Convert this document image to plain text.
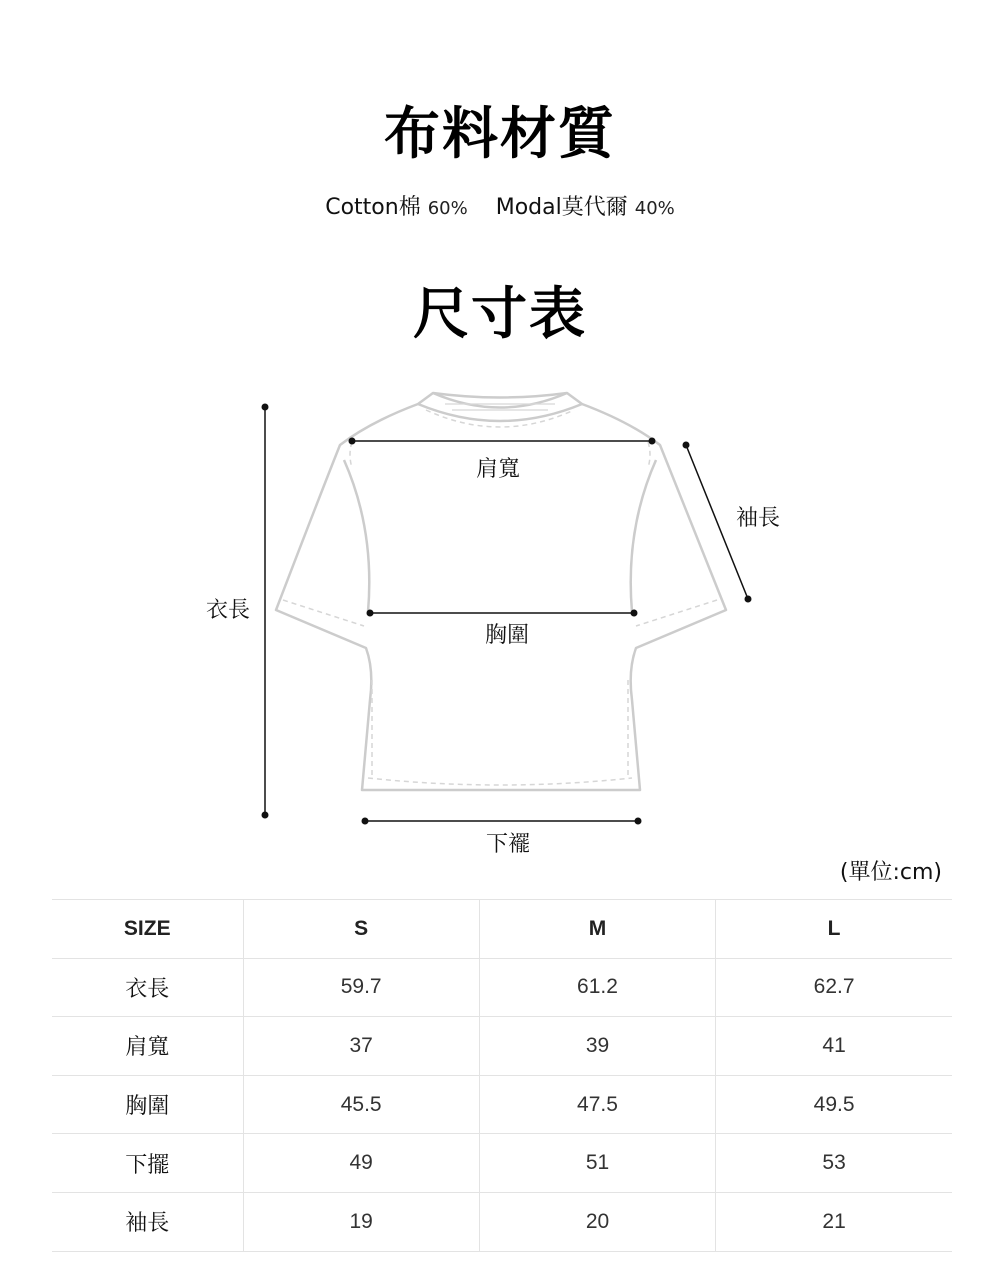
布料材質
Cotton棉 60% Modal莫代爾 40%
尺寸表
衣長
肩寬
袖長
胸圍
下襬
(單位:cm)
SIZE	S	M	L
衣長	59.7	61.2	62.7
肩寬	37	39	41
胸圍	45.5	47.5	49.5
下擺	49	51	53
袖長	19	20	21
